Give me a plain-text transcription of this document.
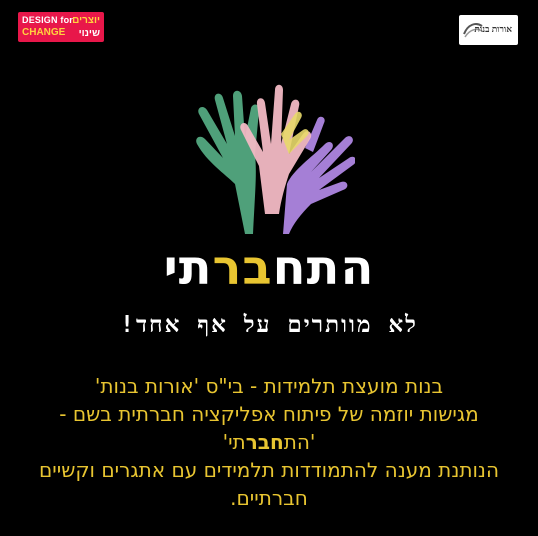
DESIGN for
CHANGE
יוצרים
שינוי	אורות בנות
התחברתי
לא מוותרים על אף אחד!
בנות מועצת תלמידות - בי"ס 'אורות בנות'
מגישות יוזמה של פיתוח אפליקציה חברתית בשם -
'התחברתי'
הנותנת מענה להתמודדות תלמידים עם אתגרים וקשיים
חברתיים.
